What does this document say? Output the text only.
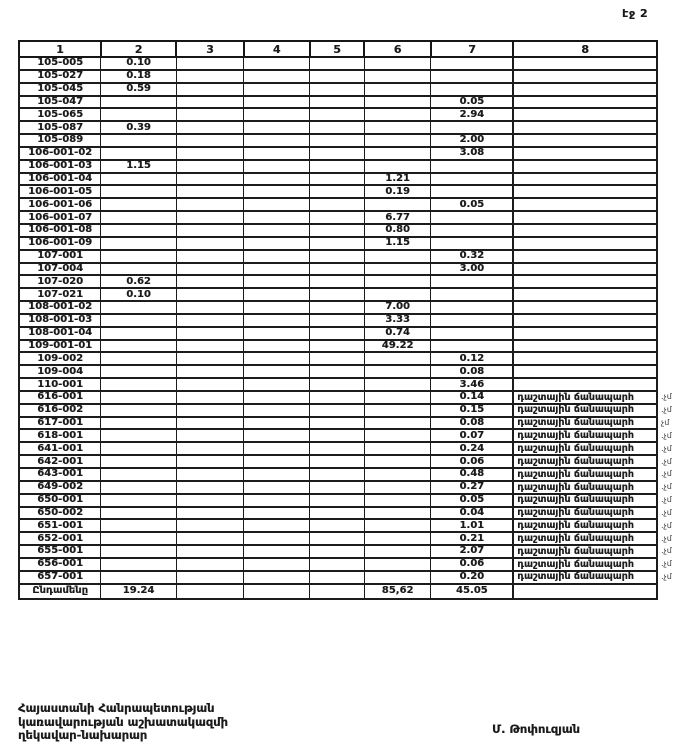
էջ 2
1	2	3	4	5	6	7	8	
105-005	0.10							
105-027	0.18							
105-045	0.59							
105-047						0.05		
105-065						2.94		
105-087	0.39							
105-089						2.00		
106-001-02						3.08		
106-001-03	1.15							
106-001-04					1.21			
106-001-05					0.19			
106-001-06						0.05		
106-001-07					6.77			
106-001-08					0.80			
106-001-09					1.15			
107-001						0.32		
107-004						3.00		
107-020	0.62							
107-021	0.10							
108-001-02					7.00			
108-001-03					3.33			
108-001-04					0.74			
109-001-01					49.22			
109-002						0.12		
109-004						0.08		
110-001						3.46		
616-001						0.14	դաշտային ճանապարհ	.չմ
616-002						0.15	դաշտային ճանապարհ	.չմ
617-001						0.08	դաշտային ճանապարհ	չմ
618-001						0.07	դաշտային ճանապարհ	.չմ
641-001						0.24	դաշտային ճանապարհ	.չմ
642-001						0.06	դաշտային ճանապարհ	.չմ
643-001						0.48	դաշտային ճանապարհ	.չմ
649-002						0.27	դաշտային ճանապարհ	.չմ
650-001						0.05	դաշտային ճանապարհ	.չմ
650-002						0.04	դաշտային ճանապարհ	.չմ
651-001						1.01	դաշտային ճանապարհ	.չմ
652-001						0.21	դաշտային ճանապարհ	.չմ
655-001						2.07	դաշտային ճանապարհ	.չմ
656-001						0.06	դաշտային ճանապարհ	.չմ
657-001						0.20	դաշտային ճանապարհ	.չմ
Ընդամենը	19.24				85,62	45.05		
Հայաստանի Հանրապետության
կառավարության աշխատակազմի
ղեկավար-նախարար	Մ. Թոփուզյան
